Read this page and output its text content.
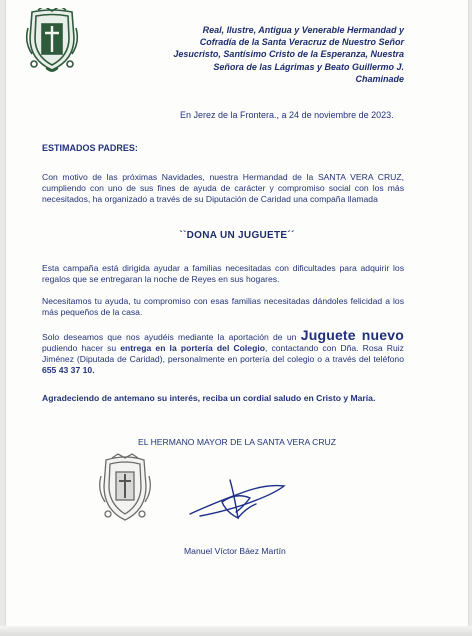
Real, Ilustre, Antigua y Venerable Hermandad y
Cofradía de la Santa Veracruz de Nuestro Señor
Jesucristo, Santísimo Cristo de la Esperanza, Nuestra
Señora de las Lágrimas y Beato Guillermo J.
Chaminade
En Jerez de la Frontera., a 24 de noviembre de 2023.
ESTIMADOS PADRES:
Con motivo de las próximas Navidades, nuestra Hermandad de la SANTA VERA CRUZ, cumpliendo con uno de sus fines de ayuda de carácter y compromiso social con los más necesitados, ha organizado a través de su Diputación de Caridad una compaña llamada
``DONA UN JUGUETE´´
Esta campaña está dirigida ayudar a familias necesitadas con dificultades para adquirir los regalos que se entregaran la noche de Reyes en sus hogares.
Necesitamos tu ayuda, tu compromiso con esas familias necesitadas dándoles felicidad a los más pequeños de la casa.
Solo deseamos que nos ayudéis mediante la aportación de un Juguete nuevo pudiendo hacer su entrega en la portería del Colegio, contactando con Dña. Rosa Ruiz Jiménez (Diputada de Caridad), personalmente en portería del colegio o a través del teléfono 655 43 37 10.
Agradeciendo de antemano su interés, reciba un cordial saludo en Cristo y María.
EL HERMANO MAYOR DE LA SANTA VERA CRUZ
Manuel Víctor Báez Martín
